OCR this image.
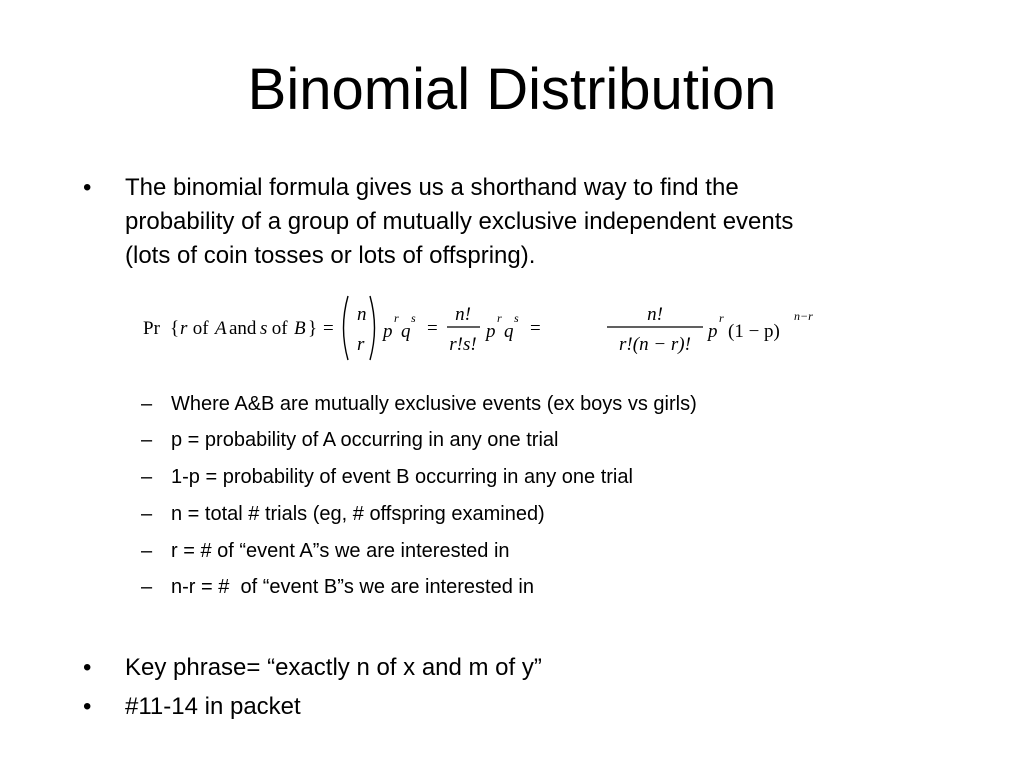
Binomial Distribution
• The binomial formula gives us a shorthand way to find the
probability of a group of mutually exclusive independent events
(lots of coin tosses or lots of offspring).
Pr { r of A and s of B } =
n
r
p
r
q
s =
n!
r!s!
p
r
q
s =
n!
r!(n − r)!
p
r
(1 − p)
n−r
– Where A&B are mutually exclusive events (ex boys vs girls)
– p = probability of A occurring in any one trial
– 1-p = probability of event B occurring in any one trial
– n = total # trials (eg, # offspring examined)
– r = # of “event A”s we are interested in
– n-r = #  of “event B”s we are interested in
• Key phrase= “exactly n of x and m of y”
• #11-14 in packet
